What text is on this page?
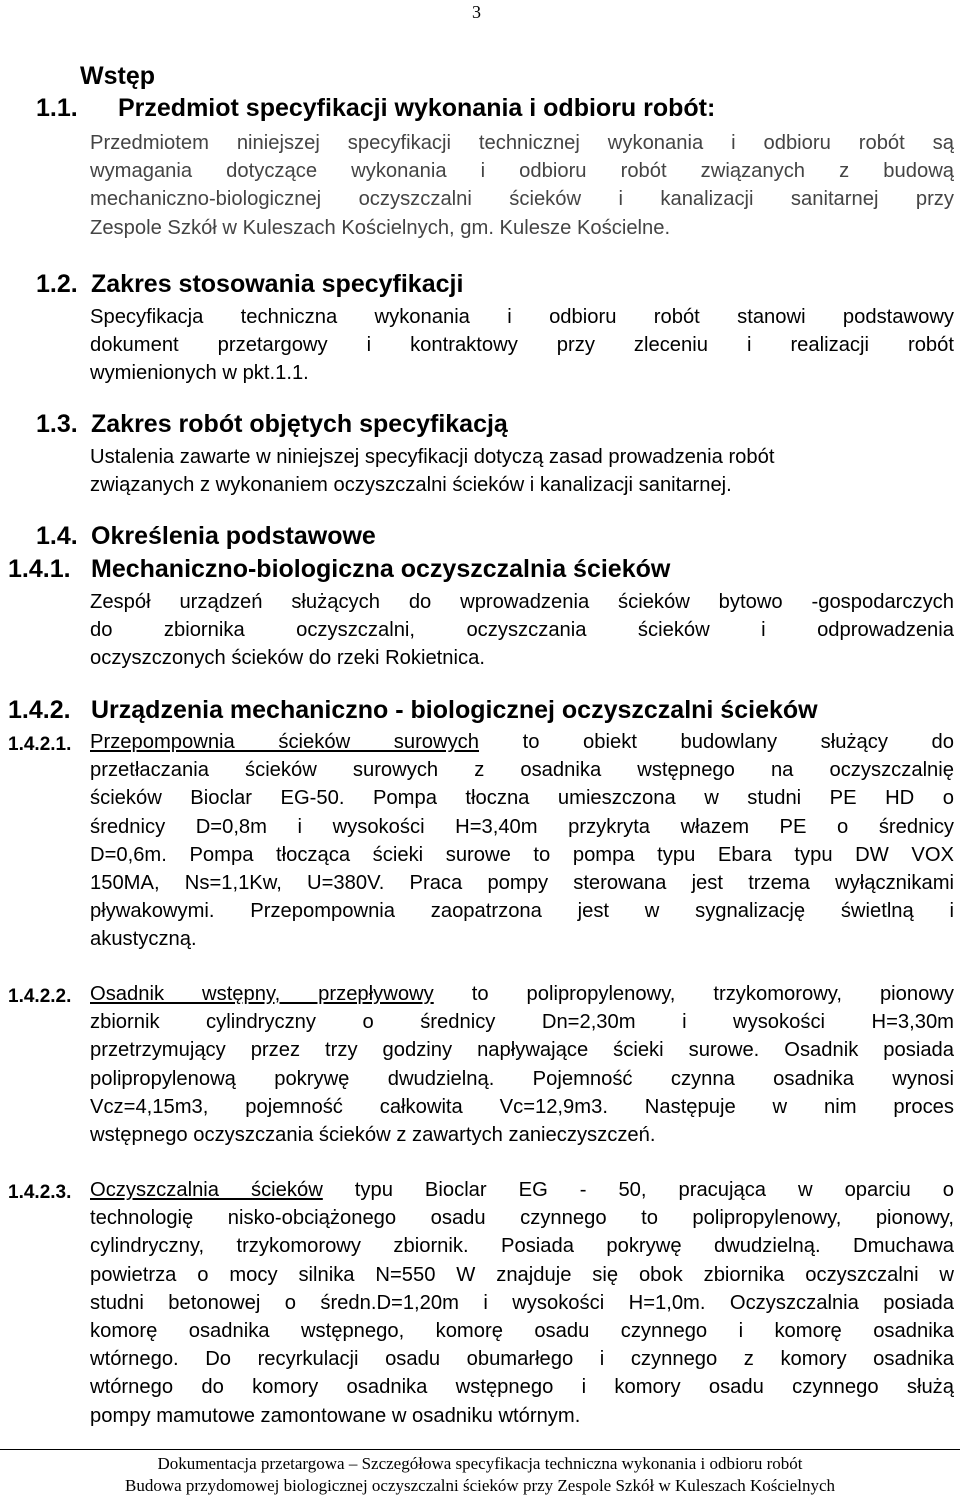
3
Wstęp
1.1. Przedmiot specyfikacji wykonania i odbioru robót:
Przedmiotem niniejszej specyfikacji technicznej wykonania i odbioru robót są
wymagania dotyczące wykonania i odbioru robót związanych z budową
mechaniczno-biologicznej oczyszczalni ścieków i kanalizacji sanitarnej przy
Zespole Szkół w Kuleszach Kościelnych, gm. Kulesze Kościelne.
1.2. Zakres stosowania specyfikacji
Specyfikacja techniczna wykonania i odbioru robót stanowi podstawowy
dokument przetargowy i kontraktowy przy zleceniu i realizacji robót
wymienionych w pkt.1.1.
1.3. Zakres robót objętych specyfikacją
Ustalenia zawarte w niniejszej specyfikacji dotyczą zasad prowadzenia robót
związanych z wykonaniem oczyszczalni ścieków i kanalizacji sanitarnej.
1.4. Określenia podstawowe
1.4.1. Mechaniczno-biologiczna oczyszczalnia ścieków
Zespół urządzeń służących do wprowadzenia ścieków bytowo -gospodarczych
do zbiornika oczyszczalni, oczyszczania ścieków i odprowadzenia
oczyszczonych ścieków do rzeki Rokietnica.
1.4.2. Urządzenia mechaniczno - biologicznej oczyszczalni ścieków
1.4.2.1. Przepompownia ścieków surowych to obiekt budowlany służący do
przetłaczania ścieków surowych z osadnika wstępnego na oczyszczalnię
ścieków Bioclar EG-50. Pompa tłoczna umieszczona w studni PE HD o
średnicy D=0,8m i wysokości H=3,40m przykryta włazem PE o średnicy
D=0,6m. Pompa tłocząca ścieki surowe to pompa typu Ebara typu DW VOX
150MA, Ns=1,1Kw, U=380V. Praca pompy sterowana jest trzema wyłącznikami
pływakowymi. Przepompownia zaopatrzona jest w sygnalizację świetlną i
akustyczną.
1.4.2.2. Osadnik wstępny, przepływowy to polipropylenowy, trzykomorowy, pionowy
zbiornik cylindryczny o średnicy Dn=2,30m i wysokości H=3,30m
przetrzymujący przez trzy godziny napływające ścieki surowe. Osadnik posiada
polipropylenową pokrywę dwudzielną. Pojemność czynna osadnika wynosi
Vcz=4,15m3, pojemność całkowita Vc=12,9m3. Następuje w nim proces
wstępnego oczyszczania ścieków z zawartych zanieczyszczeń.
1.4.2.3. Oczyszczalnia ścieków typu Bioclar EG - 50, pracująca w oparciu o
technologię nisko-obciążonego osadu czynnego to polipropylenowy, pionowy,
cylindryczny, trzykomorowy zbiornik. Posiada pokrywę dwudzielną. Dmuchawa
powietrza o mocy silnika N=550 W znajduje się obok zbiornika oczyszczalni w
studni betonowej o średn.D=1,20m i wysokości H=1,0m. Oczyszczalnia posiada
komorę osadnika wstępnego, komorę osadu czynnego i komorę osadnika
wtórnego. Do recyrkulacji osadu obumarłego i czynnego z komory osadnika
wtórnego do komory osadnika wstępnego i komory osadu czynnego służą
pompy mamutowe zamontowane w osadniku wtórnym.
Dokumentacja przetargowa – Szczegółowa specyfikacja techniczna wykonania i odbioru robót
Budowa przydomowej biologicznej oczyszczalni ścieków przy Zespole Szkół w Kuleszach Kościelnych
